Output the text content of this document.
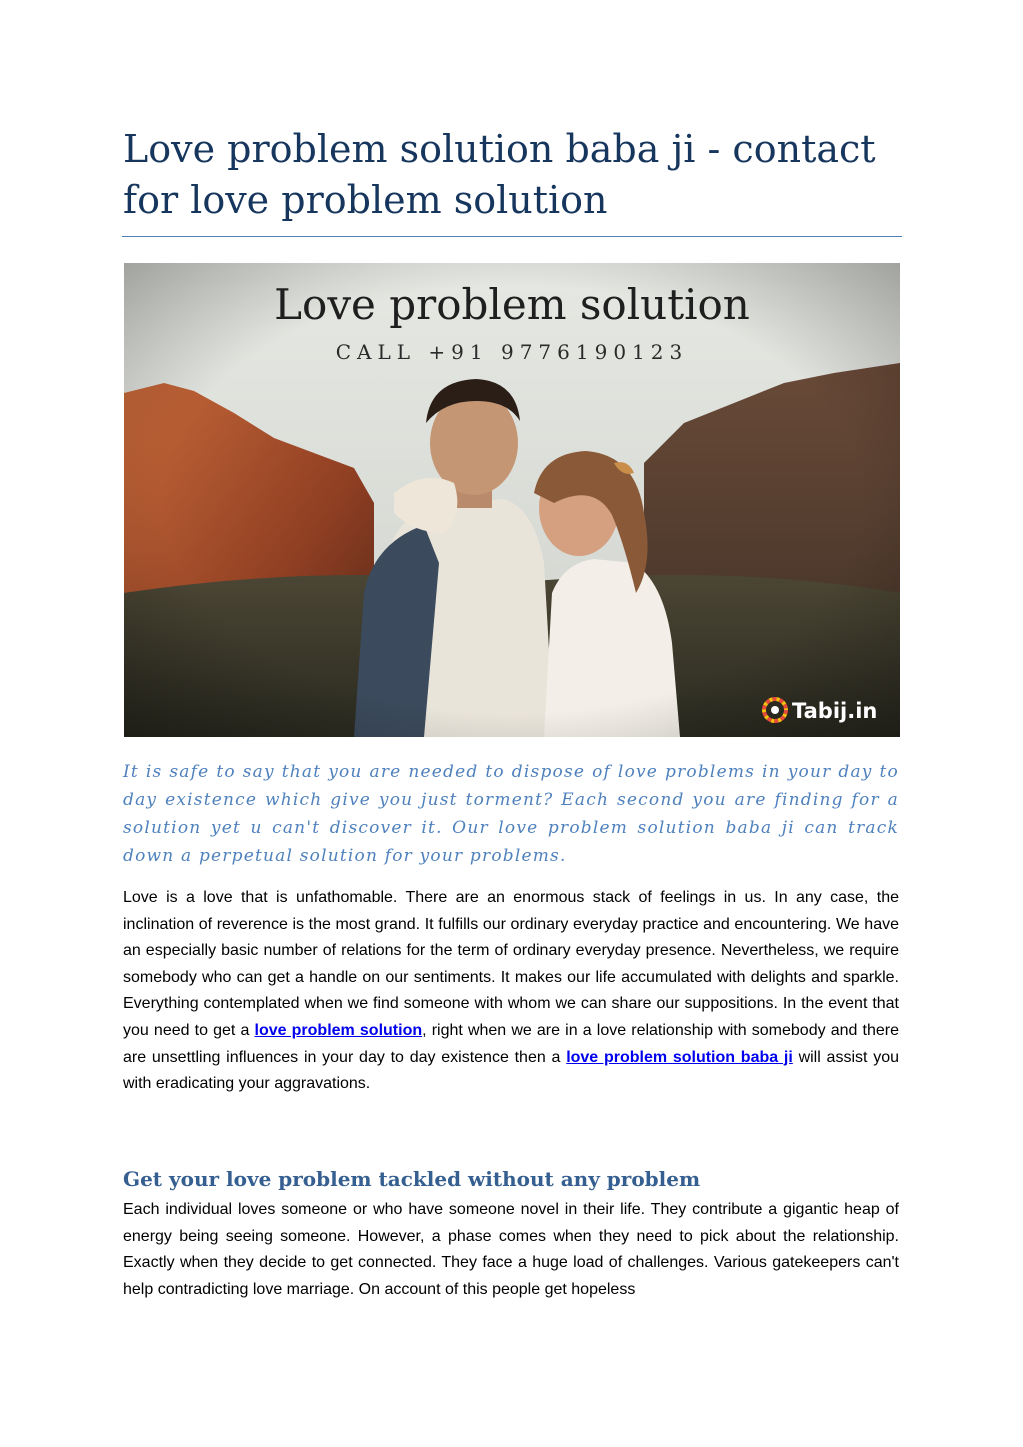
Love problem solution baba ji - contact for love problem solution
Love problem solution
CALL +91 9776190123
Tabij.in

It is safe to say that you are needed to dispose of love problems in your day to day existence which give you just torment? Each second you are finding for a solution yet u can't discover it. Our love problem solution baba ji can track down a perpetual solution for your problems.

Love is a love that is unfathomable. There are an enormous stack of feelings in us. In any case, the inclination of reverence is the most grand. It fulfills our ordinary everyday practice and encountering. We have an especially basic number of relations for the term of ordinary everyday presence. Nevertheless, we require somebody who can get a handle on our sentiments. It makes our life accumulated with delights and sparkle. Everything contemplated when we find someone with whom we can share our suppositions. In the event that you need to get a love problem solution, right when we are in a love relationship with somebody and there are unsettling influences in your day to day existence then a love problem solution baba ji will assist you with eradicating your aggravations.

Get your love problem tackled without any problem

Each individual loves someone or who have someone novel in their life. They contribute a gigantic heap of energy being seeing someone. However, a phase comes when they need to pick about the relationship. Exactly when they decide to get connected. They face a huge load of challenges. Various gatekeepers can't help contradicting love marriage. On account of this people get hopeless
